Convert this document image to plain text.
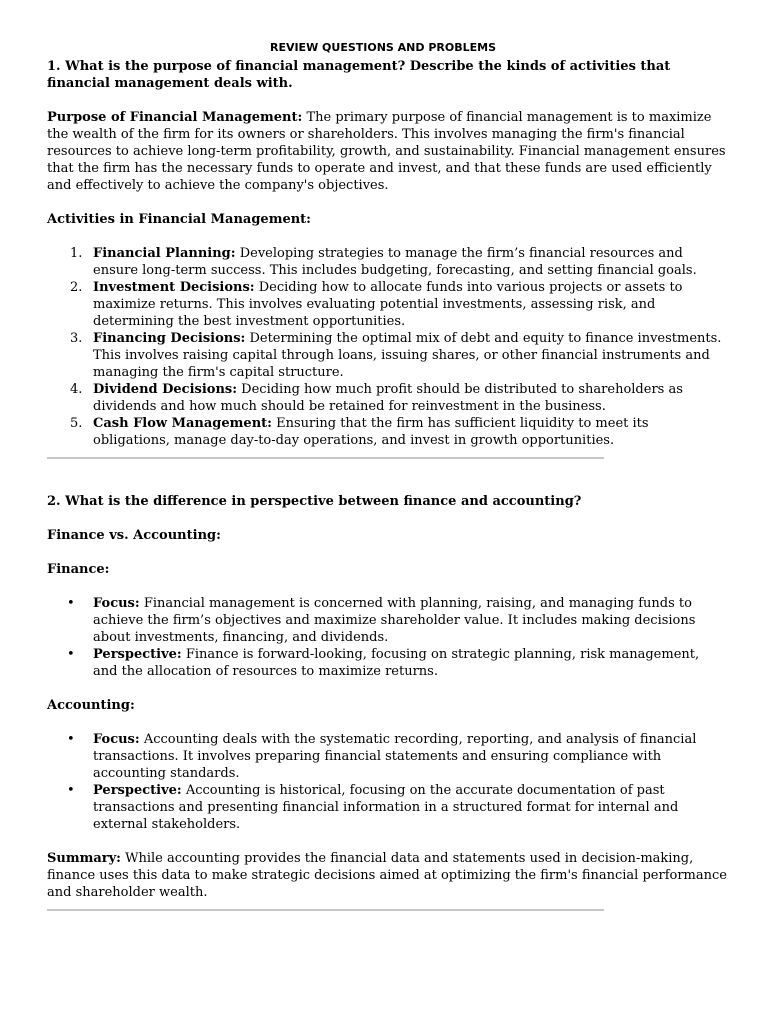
REVIEW QUESTIONS AND PROBLEMS
1. What is the purpose of financial management? Describe the kinds of activities that financial management deals with.

Purpose of Financial Management: The primary purpose of financial management is to maximize the wealth of the firm for its owners or shareholders. This involves managing the firm's financial resources to achieve long-term profitability, growth, and sustainability. Financial management ensures that the firm has the necessary funds to operate and invest, and that these funds are used efficiently and effectively to achieve the company's objectives.

Activities in Financial Management:

1. Financial Planning: Developing strategies to manage the firm’s financial resources and ensure long-term success. This includes budgeting, forecasting, and setting financial goals.
2. Investment Decisions: Deciding how to allocate funds into various projects or assets to maximize returns. This involves evaluating potential investments, assessing risk, and determining the best investment opportunities.
3. Financing Decisions: Determining the optimal mix of debt and equity to finance investments. This involves raising capital through loans, issuing shares, or other financial instruments and managing the firm's capital structure.
4. Dividend Decisions: Deciding how much profit should be distributed to shareholders as dividends and how much should be retained for reinvestment in the business.
5. Cash Flow Management: Ensuring that the firm has sufficient liquidity to meet its obligations, manage day-to-day operations, and invest in growth opportunities.
2. What is the difference in perspective between finance and accounting?

Finance vs. Accounting:

Finance:

• Focus: Financial management is concerned with planning, raising, and managing funds to achieve the firm’s objectives and maximize shareholder value. It includes making decisions about investments, financing, and dividends.
• Perspective: Finance is forward-looking, focusing on strategic planning, risk management, and the allocation of resources to maximize returns.

Accounting:

• Focus: Accounting deals with the systematic recording, reporting, and analysis of financial transactions. It involves preparing financial statements and ensuring compliance with accounting standards.
• Perspective: Accounting is historical, focusing on the accurate documentation of past transactions and presenting financial information in a structured format for internal and external stakeholders.

Summary: While accounting provides the financial data and statements used in decision-making, finance uses this data to make strategic decisions aimed at optimizing the firm's financial performance and shareholder wealth.
